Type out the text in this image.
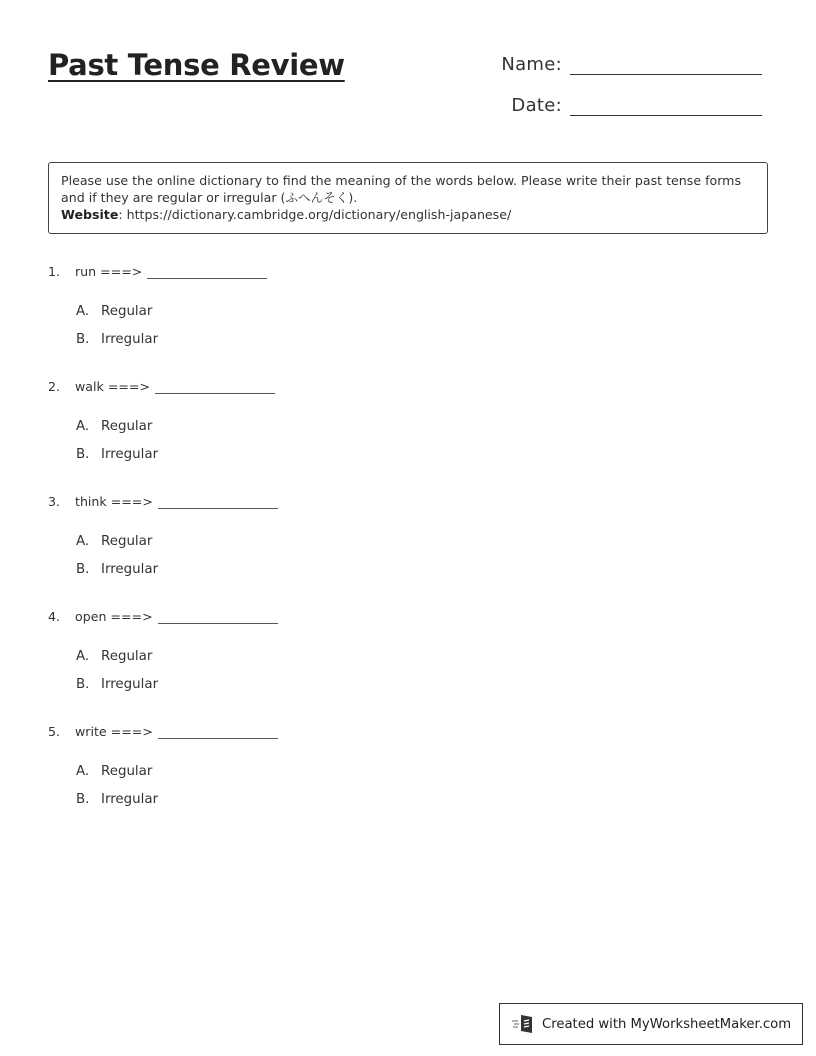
Past Tense Review	Name:
Date:
Please use the online dictionary to find the meaning of the words below. Please write their past tense forms and if they are regular or irregular (ふへんそく).
Website: https://dictionary.cambridge.org/dictionary/english-japanese/
1.	run ===>
A. Regular
B. Irregular
2.	walk ===>
A. Regular
B. Irregular
3.	think ===>
A. Regular
B. Irregular
4.	open ===>
A. Regular
B. Irregular
5.	write ===>
A. Regular
B. Irregular
Created with MyWorksheetMaker.com
